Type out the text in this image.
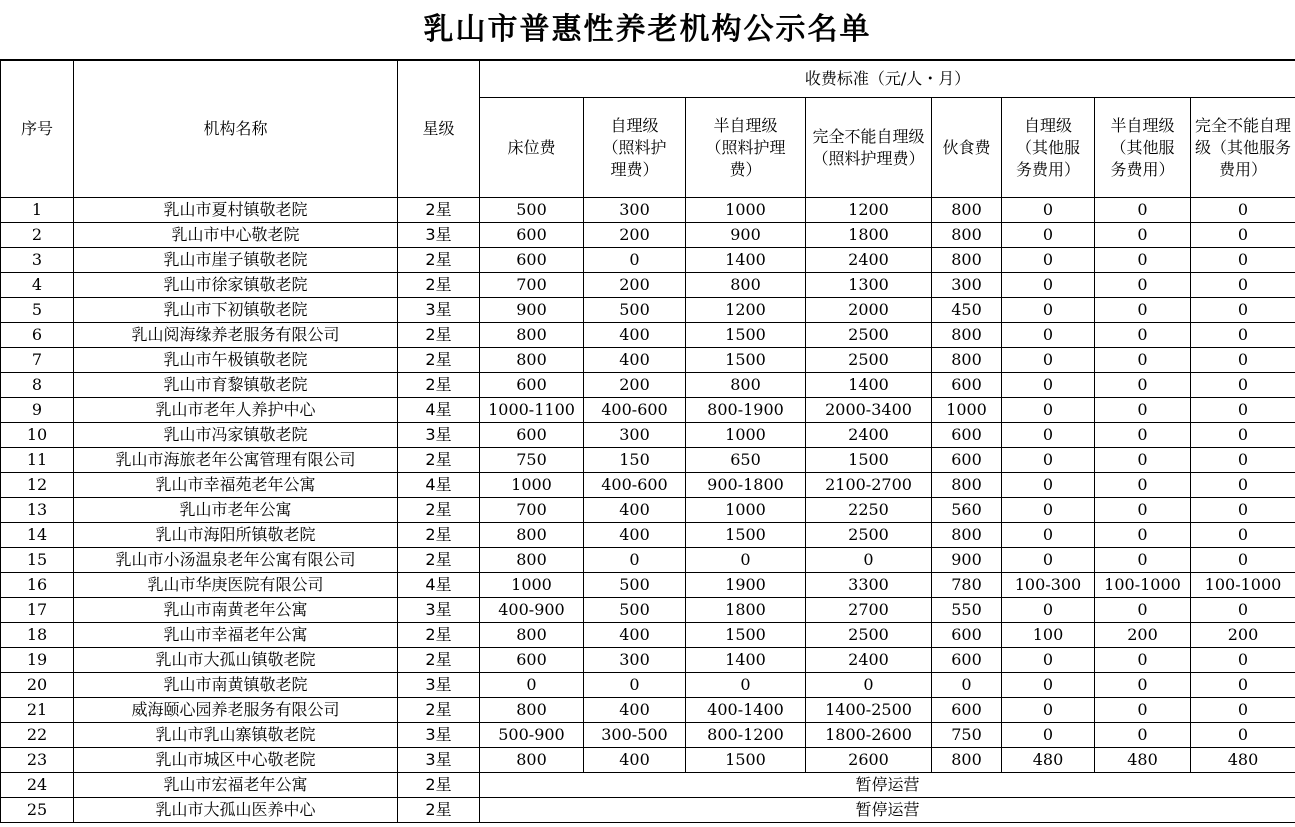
乳山市普惠性养老机构公示名单
序号	机构名称	星级	收费标准（元/人・月）							
			床位费	自理级（照料护理费）	半自理级（照料护理费）	完全不能自理级（照料护理费）	伙食费	自理级（其他服务费用）	半自理级（其他服务费用）	完全不能自理级（其他服务费用）
1	乳山市夏村镇敬老院	2星	500	300	1000	1200	800	0	0	0
2	乳山市中心敬老院	3星	600	200	900	1800	800	0	0	0
3	乳山市崖子镇敬老院	2星	600	0	1400	2400	800	0	0	0
4	乳山市徐家镇敬老院	2星	700	200	800	1300	300	0	0	0
5	乳山市下初镇敬老院	3星	900	500	1200	2000	450	0	0	0
6	乳山阅海缘养老服务有限公司	2星	800	400	1500	2500	800	0	0	0
7	乳山市午极镇敬老院	2星	800	400	1500	2500	800	0	0	0
8	乳山市育黎镇敬老院	2星	600	200	800	1400	600	0	0	0
9	乳山市老年人养护中心	4星	1000-1100	400-600	800-1900	2000-3400	1000	0	0	0
10	乳山市冯家镇敬老院	3星	600	300	1000	2400	600	0	0	0
11	乳山市海旅老年公寓管理有限公司	2星	750	150	650	1500	600	0	0	0
12	乳山市幸福苑老年公寓	4星	1000	400-600	900-1800	2100-2700	800	0	0	0
13	乳山市老年公寓	2星	700	400	1000	2250	560	0	0	0
14	乳山市海阳所镇敬老院	2星	800	400	1500	2500	800	0	0	0
15	乳山市小汤温泉老年公寓有限公司	2星	800	0	0	0	900	0	0	0
16	乳山市华庚医院有限公司	4星	1000	500	1900	3300	780	100-300	100-1000	100-1000
17	乳山市南黄老年公寓	3星	400-900	500	1800	2700	550	0	0	0
18	乳山市幸福老年公寓	2星	800	400	1500	2500	600	100	200	200
19	乳山市大孤山镇敬老院	2星	600	300	1400	2400	600	0	0	0
20	乳山市南黄镇敬老院	3星	0	0	0	0	0	0	0	0
21	威海颐心园养老服务有限公司	2星	800	400	400-1400	1400-2500	600	0	0	0
22	乳山市乳山寨镇敬老院	3星	500-900	300-500	800-1200	1800-2600	750	0	0	0
23	乳山市城区中心敬老院	3星	800	400	1500	2600	800	480	480	480
24	乳山市宏福老年公寓	2星	暂停运营							
25	乳山市大孤山医养中心	2星	暂停运营							
